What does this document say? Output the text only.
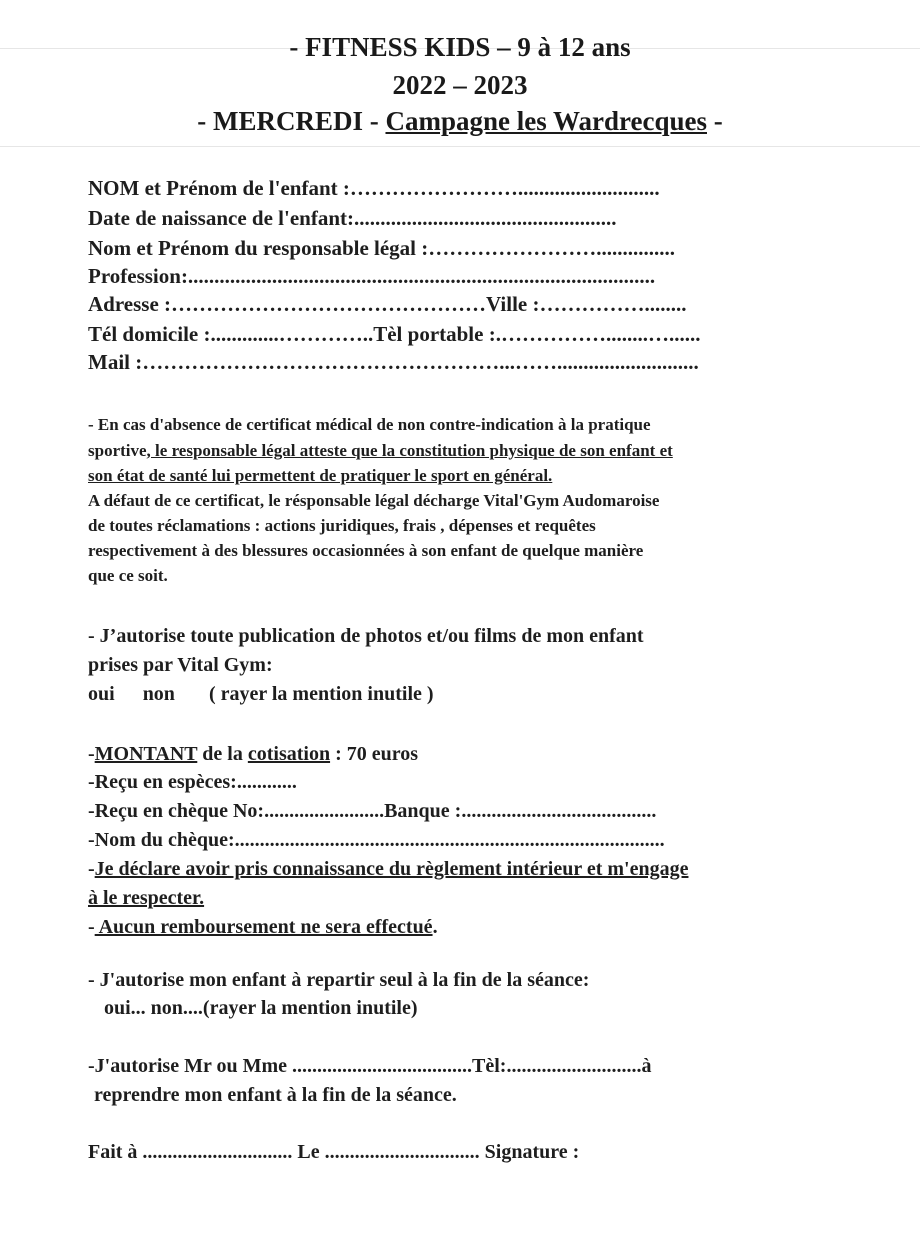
- FITNESS KIDS – 9 à 12 ans
2022 – 2023
- MERCREDI - Campagne les Wardrecques -
NOM et Prénom de l'enfant :……………………...........................
Date de naissance de l'enfant:..................................................
Nom et Prénom du responsable légal :……………………...............
Profession:.........................................................................................
Adresse :………………………………………Ville :……………........
Tél domicile :.............…………..Tèl portable :.……………........…......
Mail :……………………………………………...……...........................
- En cas d'absence de certificat médical de non contre-indication à la pratique
sportive, le responsable légal atteste que la constitution physique de son enfant et
son état de santé lui permettent de pratiquer le sport en général.
A défaut de ce certificat, le résponsable légal décharge Vital'Gym Audomaroise
de toutes réclamations : actions juridiques, frais , dépenses et requêtes
respectivement à des blessures occasionnées à son enfant de quelque manière
que ce soit.
- J’autorise toute publication de photos et/ou films de mon enfant
prises par Vital Gym:
oui non ( rayer la mention inutile )
-MONTANT de la cotisation : 70 euros
-Reçu en espèces:............
-Reçu en chèque No:........................Banque :.......................................
-Nom du chèque:......................................................................................
-Je déclare avoir pris connaissance du règlement intérieur et m'engage
à le respecter.
- Aucun remboursement ne sera effectué.
- J'autorise mon enfant à repartir seul à la fin de la séance:
oui... non....(rayer la mention inutile)
-J'autorise Mr ou Mme ....................................Tèl:...........................à
reprendre mon enfant à la fin de la séance.
Fait à .............................. Le ............................... Signature :
